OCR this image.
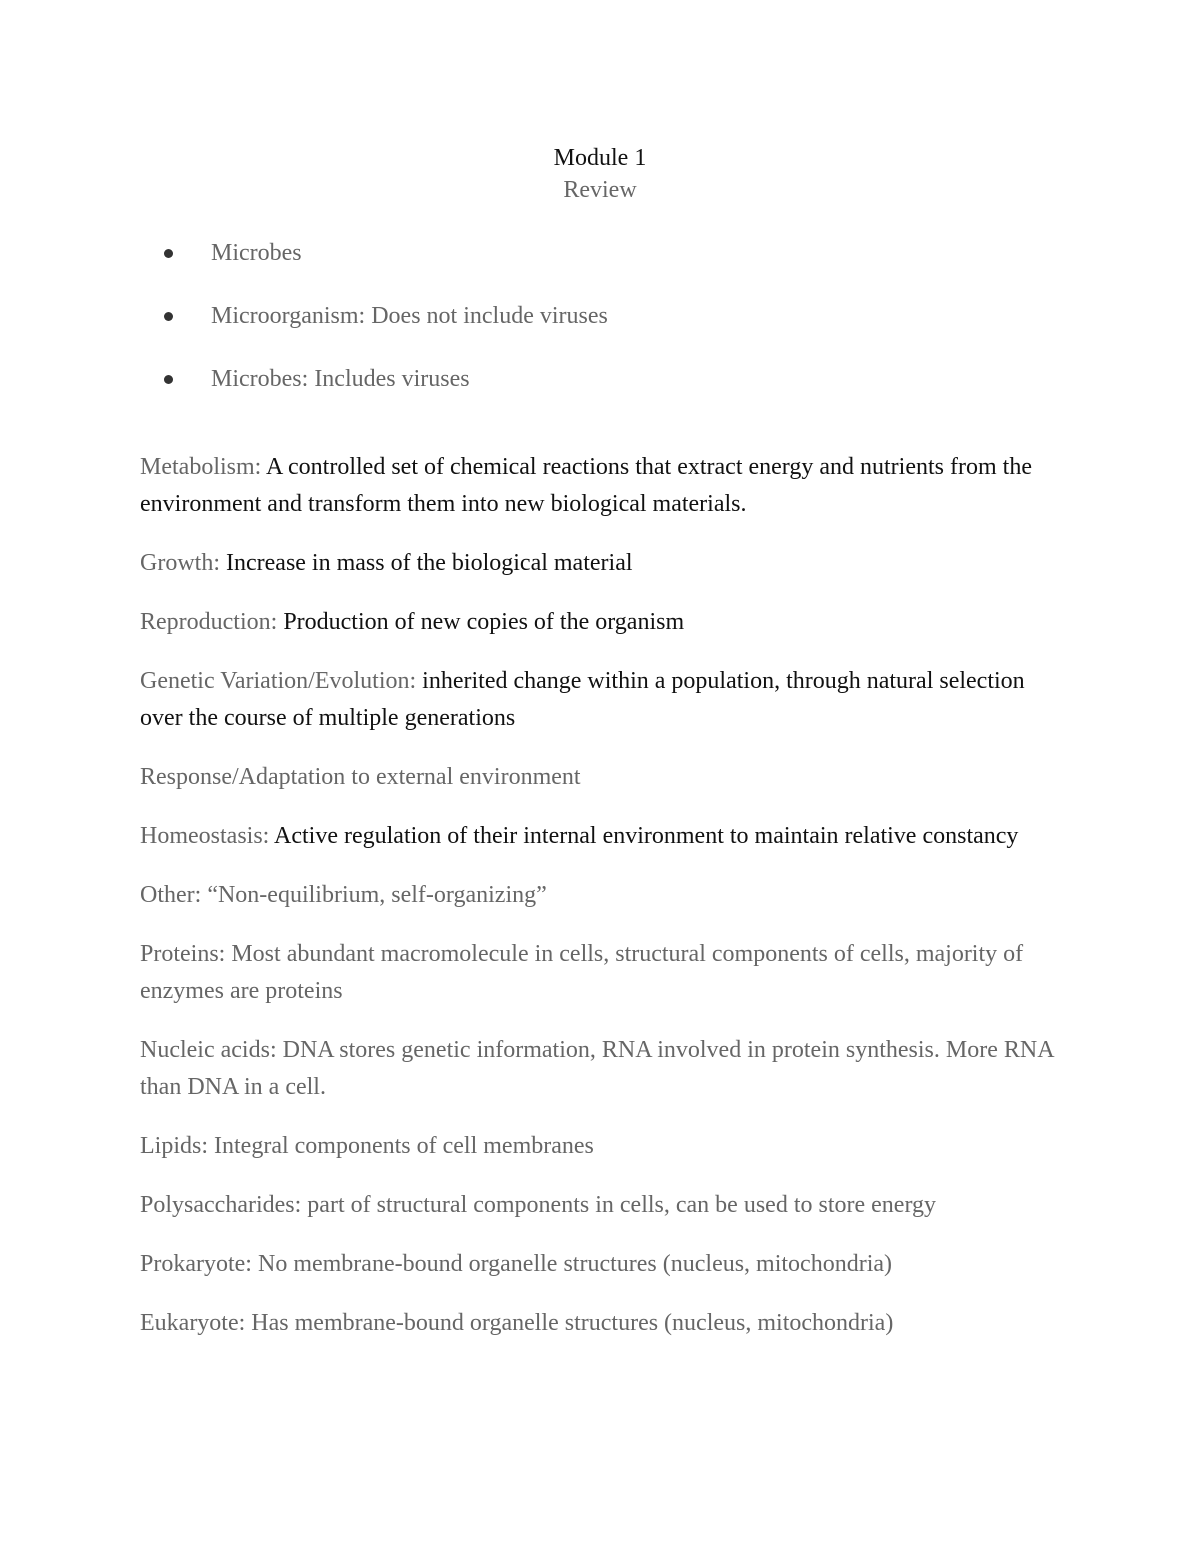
Module 1
Review
Microbes
Microorganism: Does not include viruses
Microbes: Includes viruses

Metabolism: A controlled set of chemical reactions that extract energy and nutrients from the environment and transform them into new biological materials.

Growth: Increase in mass of the biological material

Reproduction: Production of new copies of the organism

Genetic Variation/Evolution: inherited change within a population, through natural selection over the course of multiple generations

Response/Adaptation to external environment

Homeostasis: Active regulation of their internal environment to maintain relative constancy

Other: “Non-equilibrium, self-organizing”

Proteins: Most abundant macromolecule in cells, structural components of cells, majority of enzymes are proteins

Nucleic acids: DNA stores genetic information, RNA involved in protein synthesis. More RNA than DNA in a cell.

Lipids: Integral components of cell membranes

Polysaccharides: part of structural components in cells, can be used to store energy

Prokaryote: No membrane-bound organelle structures (nucleus, mitochondria)

Eukaryote: Has membrane-bound organelle structures (nucleus, mitochondria)
